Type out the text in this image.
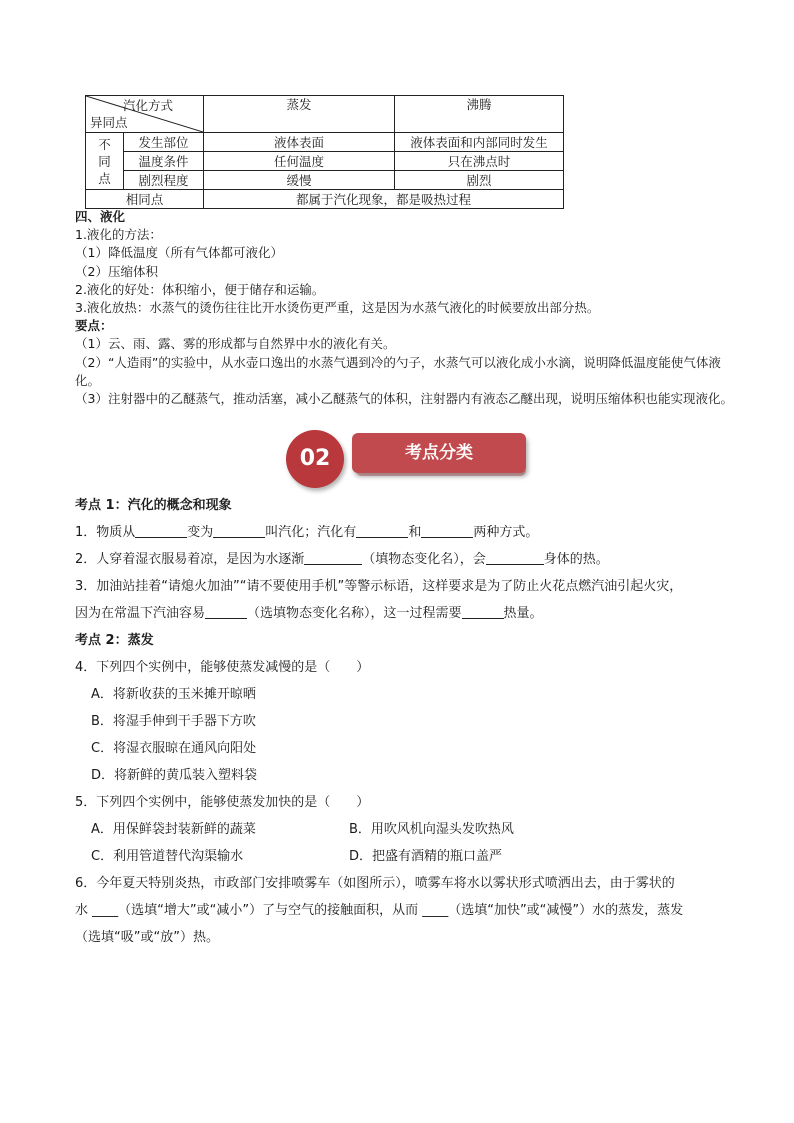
汽化方式
异同点		蒸发	沸腾
不
同
点	发生部位	液体表面	液体表面和内部同时发生
	温度条件	任何温度	只在沸点时
	剧烈程度	缓慢	剧烈
相同点		都属于汽化现象，都是吸热过程	
四、液化
1.液化的方法：
（1）降低温度（所有气体都可液化）
（2）压缩体积
2.液化的好处：体积缩小，便于储存和运输。
3.液化放热：水蒸气的烫伤往往比开水烫伤更严重，这是因为水蒸气液化的时候要放出部分热。
要点：
（1）云、雨、露、雾的形成都与自然界中水的液化有关。
（2）“人造雨”的实验中，从水壶口逸出的水蒸气遇到冷的勺子，水蒸气可以液化成小水滴，说明降低温度能使气体液化。
（3）注射器中的乙醚蒸气，推动活塞，减小乙醚蒸气的体积，注射器内有液态乙醚出现，说明压缩体积也能实现液化。
02	考点分类
考点 1：汽化的概念和现象
1．物质从	变为	叫汽化；汽化有	和	两种方式。
2．人穿着湿衣服易着凉，是因为水逐渐	（填物态变化名），会	身体的热。
3．加油站挂着“请熄火加油”“请不要使用手机”等警示标语，这样要求是为了防止火花点燃汽油引起火灾，
因为在常温下汽油容易	（选填物态变化名称），这一过程需要	热量。
考点 2：蒸发
4．下列四个实例中，能够使蒸发减慢的是（　　）
A．将新收获的玉米摊开晾晒
B．将湿手伸到干手器下方吹
C．将湿衣服晾在通风向阳处
D．将新鲜的黄瓜装入塑料袋
5．下列四个实例中，能够使蒸发加快的是（　　）
A．用保鲜袋封装新鲜的蔬菜	B．用吹风机向湿头发吹热风
C．利用管道替代沟渠输水	D．把盛有酒精的瓶口盖严
6．今年夏天特别炎热，市政部门安排喷雾车（如图所示），喷雾车将水以雾状形式喷洒出去，由于雾状的
水 ____（选填“增大”或“减小”）了与空气的接触面积，从而 ____（选填“加快”或“减慢”）水的蒸发，蒸发
（选填“吸”或“放”）热。
